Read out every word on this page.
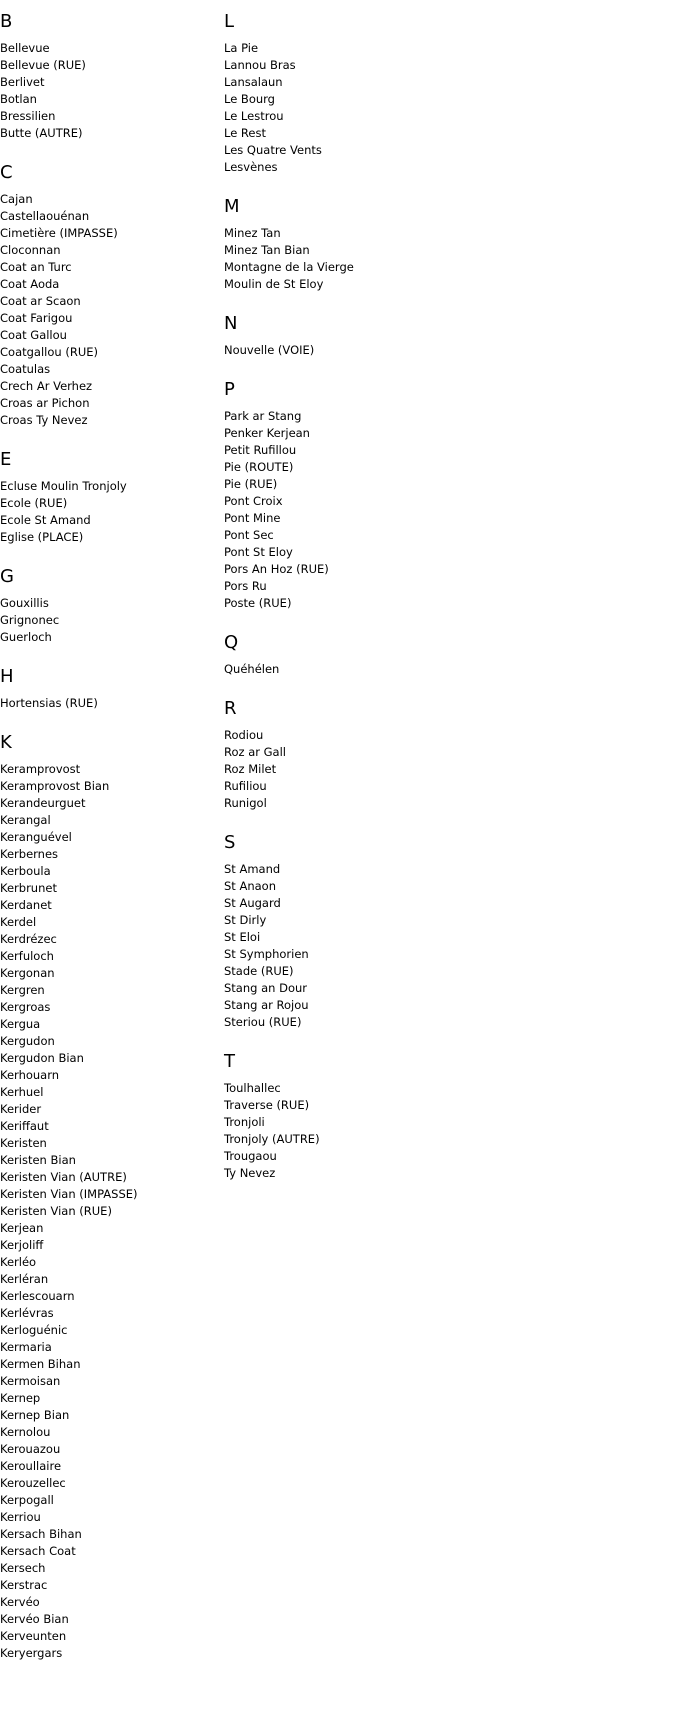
B
Bellevue
Bellevue (RUE)
Berlivet
Botlan
Bressilien
Butte (AUTRE)
C
Cajan
Castellaouénan
Cimetière (IMPASSE)
Cloconnan
Coat an Turc
Coat Aoda
Coat ar Scaon
Coat Farigou
Coat Gallou
Coatgallou (RUE)
Coatulas
Crech Ar Verhez
Croas ar Pichon
Croas Ty Nevez
E
Ecluse Moulin Tronjoly
Ecole (RUE)
Ecole St Amand
Eglise (PLACE)
G
Gouxillis
Grignonec
Guerloch
H
Hortensias (RUE)
K
Keramprovost
Keramprovost Bian
Kerandeurguet
Kerangal
Keranguével
Kerbernes
Kerboula
Kerbrunet
Kerdanet
Kerdel
Kerdrézec
Kerfuloch
Kergonan
Kergren
Kergroas
Kergua
Kergudon
Kergudon Bian
Kerhouarn
Kerhuel
Kerider
Keriffaut
Keristen
Keristen Bian
Keristen Vian (AUTRE)
Keristen Vian (IMPASSE)
Keristen Vian (RUE)
Kerjean
Kerjoliff
Kerléo
Kerléran
Kerlescouarn
Kerlévras
Kerloguénic
Kermaria
Kermen Bihan
Kermoisan
Kernep
Kernep Bian
Kernolou
Kerouazou
Keroullaire
Kerouzellec
Kerpogall
Kerriou
Kersach Bihan
Kersach Coat
Kersech
Kerstrac
Kervéo
Kervéo Bian
Kerveunten
Keryergars
L
La Pie
Lannou Bras
Lansalaun
Le Bourg
Le Lestrou
Le Rest
Les Quatre Vents
Lesvènes
M
Minez Tan
Minez Tan Bian
Montagne de la Vierge
Moulin de St Eloy
N
Nouvelle (VOIE)
P
Park ar Stang
Penker Kerjean
Petit Rufillou
Pie (ROUTE)
Pie (RUE)
Pont Croix
Pont Mine
Pont Sec
Pont St Eloy
Pors An Hoz (RUE)
Pors Ru
Poste (RUE)
Q
Quéhélen
R
Rodiou
Roz ar Gall
Roz Milet
Rufiliou
Runigol
S
St Amand
St Anaon
St Augard
St Dirly
St Eloi
St Symphorien
Stade (RUE)
Stang an Dour
Stang ar Rojou
Steriou (RUE)
T
Toulhallec
Traverse (RUE)
Tronjoli
Tronjoly (AUTRE)
Trougaou
Ty Nevez
